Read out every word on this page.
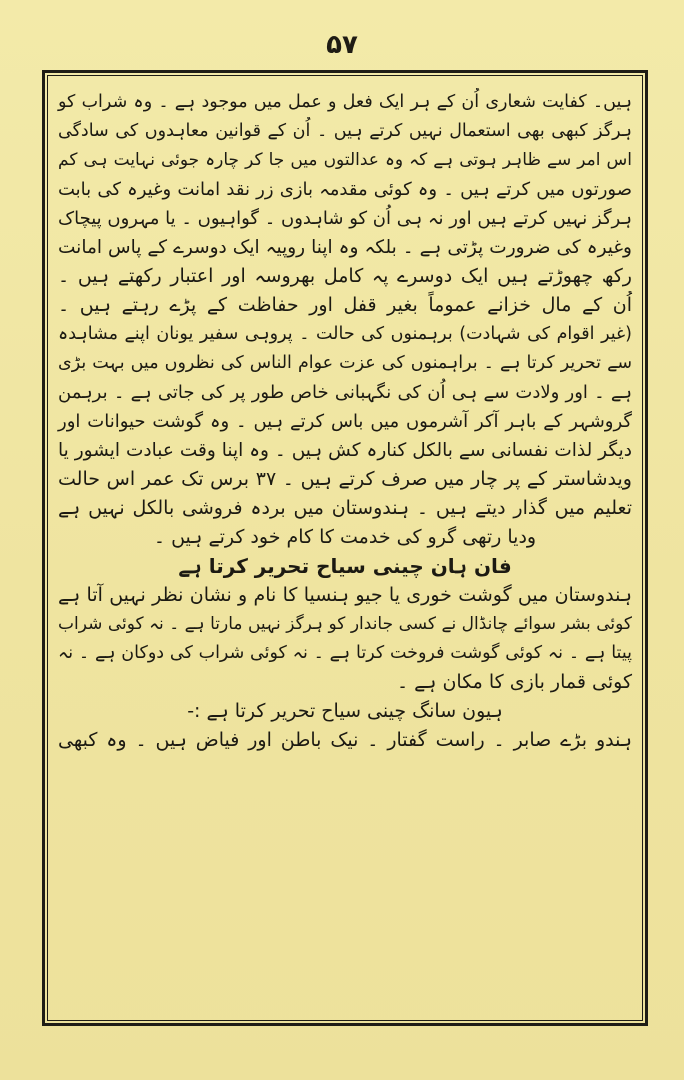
۵۷
ہیں۔ کفایت شعاری اُن کے ہر ایک فعل و عمل میں موجود ہے ۔ وہ شراب کو
ہرگز کبھی بھی استعمال نہیں کرتے ہیں ۔ اُن کے قوانین معاہدوں کی سادگی
اس امر سے ظاہر ہوتی ہے کہ وہ عدالتوں میں جا کر چارہ جوئی نہایت ہی کم
صورتوں میں کرتے ہیں ۔ وہ کوئی مقدمہ بازی زر نقد امانت وغیرہ کی بابت
ہرگز نہیں کرتے ہیں اور نہ ہی اُن کو شاہدوں ۔ گواہیوں ۔ یا مہروں پیچاک
وغیرہ کی ضرورت پڑتی ہے ۔ بلکہ وہ اپنا روپیہ ایک دوسرے کے پاس امانت
رکھ چھوڑتے ہیں ایک دوسرے پہ کامل بھروسہ اور اعتبار رکھتے ہیں ۔
اُن کے مال خزانے عموماً بغیر قفل اور حفاظت کے پڑے رہتے ہیں ۔
(غیر اقوام کی شہادت) برہمنوں کی حالت ۔ پروہی سفیر یونان اپنے مشاہدہ
سے تحریر کرتا ہے ۔ براہمنوں کی عزت عوام الناس کی نظروں میں بہت بڑی
ہے ۔ اور ولادت سے ہی اُن کی نگہبانی خاص طور پر کی جاتی ہے ۔ برہمن
گروشہر کے باہر آکر آشرموں میں باس کرتے ہیں ۔ وہ گوشت حیوانات اور
دیگر لذات نفسانی سے بالکل کنارہ کش ہیں ۔ وہ اپنا وقت عبادت ایشور یا
ویدشاستر کے پر چار میں صرف کرتے ہیں ۔ ۳۷ برس تک عمر اس حالت
تعلیم میں گذار دیتے ہیں ۔ ہندوستان میں بردہ فروشی بالکل نہیں ہے
ودیا رتھی گرو کی خدمت کا کام خود کرتے ہیں ۔
فان ہان چینی سیاح تحریر کرتا ہے
ہندوستان میں گوشت خوری یا جیو ہنسیا کا نام و نشان نظر نہیں آتا ہے
کوئی بشر سوائے چانڈال نے کسی جاندار کو ہرگز نہیں مارتا ہے ۔ نہ کوئی شراب
پیتا ہے ۔ نہ کوئی گوشت فروخت کرتا ہے ۔ نہ کوئی شراب کی دوکان ہے ۔ نہ
کوئی قمار بازی کا مکان ہے ۔
ہیون سانگ چینی سیاح تحریر کرتا ہے :-
ہندو بڑے صابر ۔ راست گفتار ۔ نیک باطن اور فیاض ہیں ۔ وہ کبھی
